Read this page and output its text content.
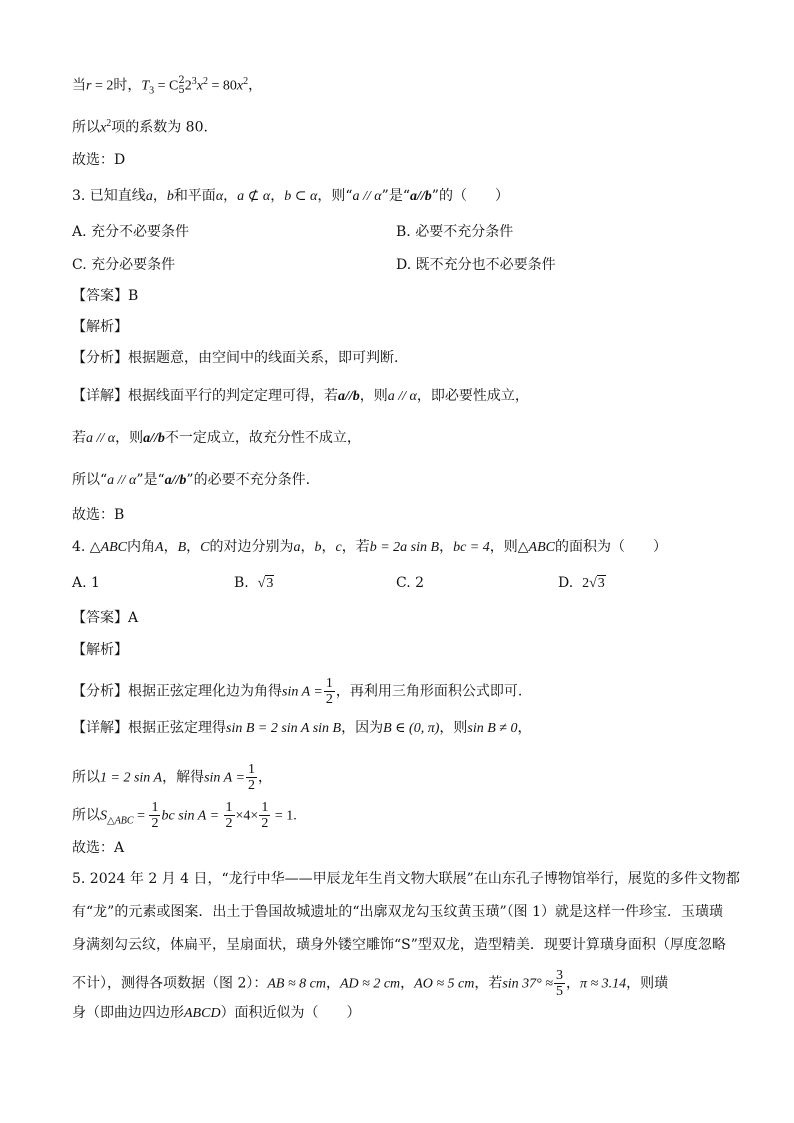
当r = 2时，$T_3 = C$ 2
5 $2^3x^2 = 80x^2$，
所以$x^2$项的系数为 80.
故选：D
3. 已知直线a，b和平面α，a ⊄ α，b ⊂ α，则“a // α”是“a//b”的（　　）
A. 充分不必要条件	B. 必要不充分条件
C. 充分必要条件	D. 既不充分也不必要条件
【答案】B
【解析】
【分析】根据题意，由空间中的线面关系，即可判断.
【详解】根据线面平行的判定定理可得，若a//b，则a // α，即必要性成立，
若a // α，则a//b不一定成立，故充分性不成立，
所以“a // α”是“a//b”的必要不充分条件.
故选：B
4. △ABC内角A，B，C的对边分别为a，b，c，若b = 2a sin B，bc = 4，则△ABC的面积为（　　）
A. 1	B. √3	C. 2	D. 2√3
【答案】A
【解析】
【分析】根据正弦定理化边为角得$\sin A = \frac{1}{2}$ ，再利用三角形面积公式即可.
【详解】根据正弦定理得sin B = 2 sin A sin B，因为B ∈ (0, π)，则sin B ≠ 0，
所以1 = 2 sin A，解得$\sin A = \frac{1}{2}$ ，
所以$S_{\triangle ABC} = \frac{1}{2}$ bc $\sin A = \frac{1}{2} \times 4\times \frac{1}{2} = 1$.
故选：A
5. 2024 年 2 月 4 日，“龙行中华——甲辰龙年生肖文物大联展”在山东孔子博物馆举行，展览的多件文物都
有“龙”的元素或图案．出土于鲁国故城遗址的“出廓双龙勾玉纹黄玉璜”（图 1）就是这样一件珍宝．玉璜璜
身满刻勾云纹，体扁平，呈扇面状，璜身外镂空雕饰“S”型双龙，造型精美．现要计算璜身面积（厚度忽略
不计），测得各项数据（图 2）：AB ≈ 8 cm，AD ≈ 2 cm，AO ≈ 5 cm，若$\sin 37^\circ \approx \frac{3}{5}$ ，π ≈ 3.14，则璜
身（即曲边四边形ABCD）面积近似为（　　）
